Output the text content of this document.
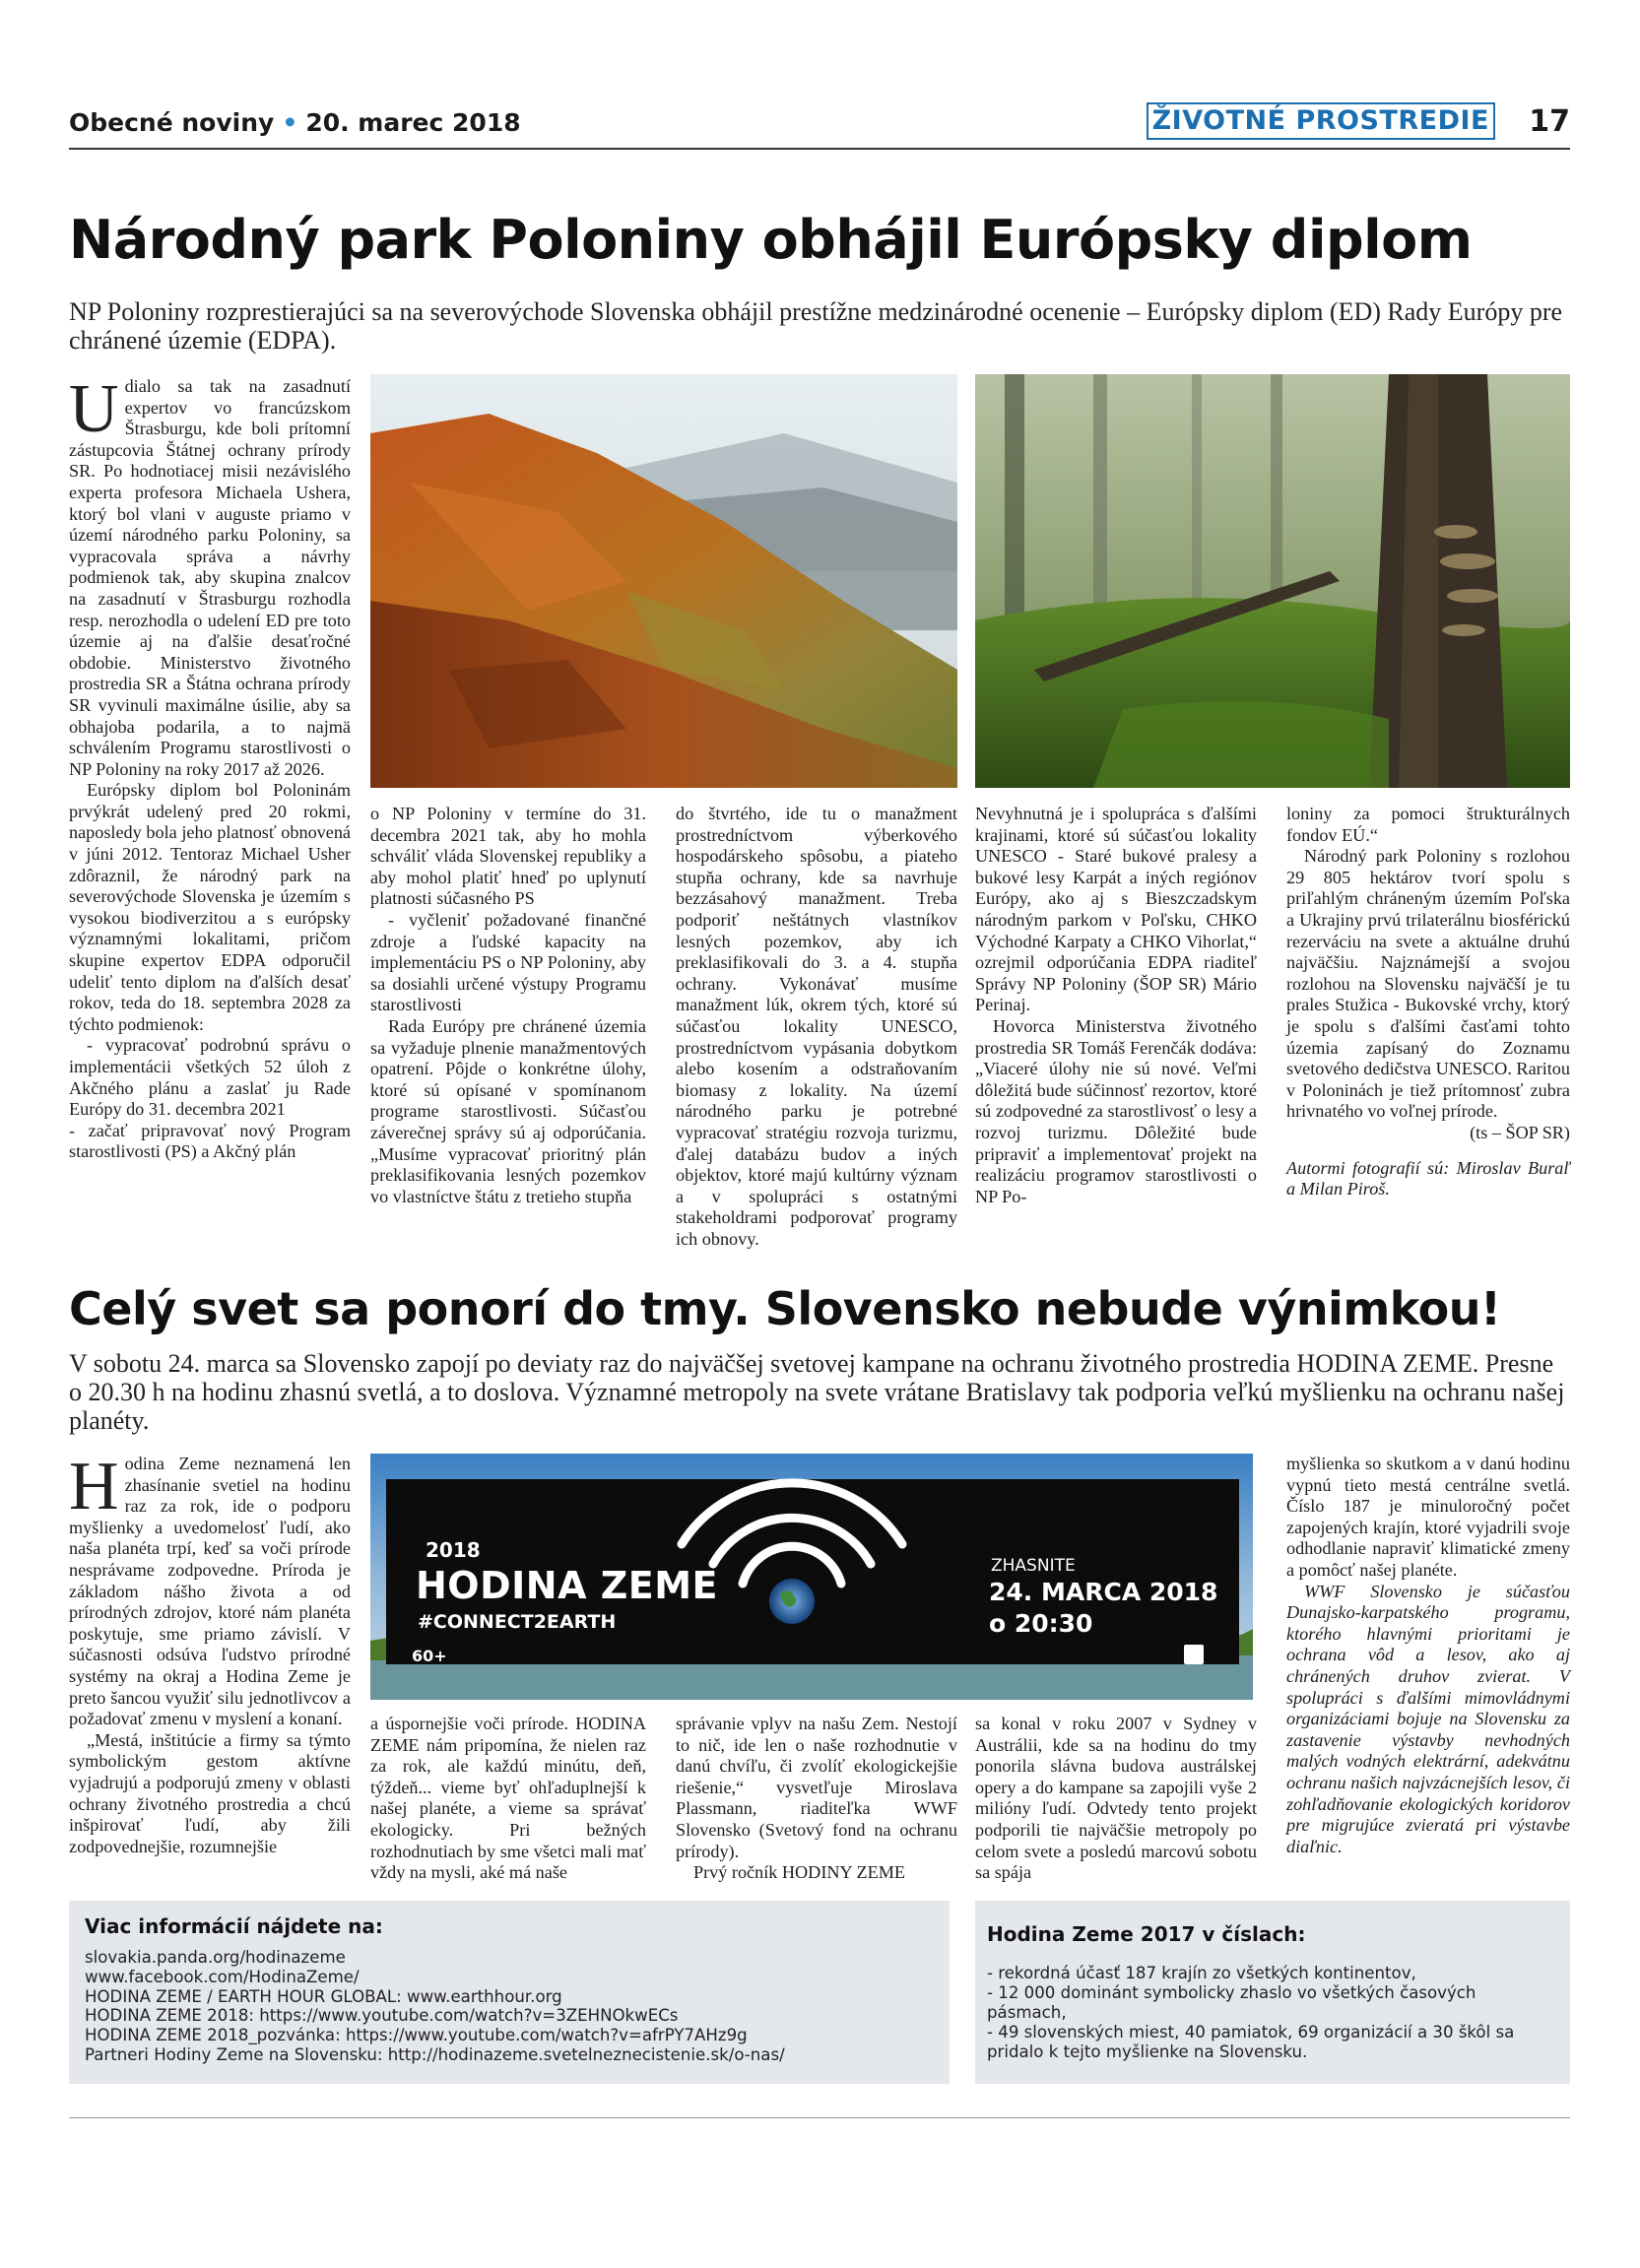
Obecné noviny • 20. marec 2018	ŽIVOTNÉ PROSTREDIE 17
Národný park Poloniny obhájil Európsky diplom
NP Poloniny rozprestierajúci sa na severovýchode Slovenska obhájil prestížne medzinárodné ocenenie – Európsky diplom (ED) Rady Európy pre chránené územie (EDPA).

Udialo sa tak na zasadnutí expertov vo francúzskom Štrasburgu, kde boli prítomní zástupcovia Štátnej ochrany prírody SR. Po hodnotiacej misii nezávislého experta profesora Michaela Ushera, ktorý bol vlani v auguste priamo v území národného parku Poloniny, sa vypracovala správa a návrhy podmienok tak, aby skupina znalcov na zasadnutí v Štrasburgu rozhodla resp. nerozhodla o udelení ED pre toto územie aj na ďalšie desaťročné obdobie. Ministerstvo životného prostredia SR a Štátna ochrana prírody SR vyvinuli maximálne úsilie, aby sa obhajoba podarila, a to najmä schválením Programu starostlivosti o NP Poloniny na roky 2017 až 2026.

Európsky diplom bol Poloninám prvýkrát udelený pred 20 rokmi, naposledy bola jeho platnosť obnovená v júni 2012. Tentoraz Michael Usher zdôraznil, že národný park na severovýchode Slovenska je územím s vysokou biodiverzitou a s európsky významnými lokalitami, pričom skupine expertov EDPA odporučil udeliť tento diplom na ďalších desať rokov, teda do 18. septembra 2028 za týchto podmienok:

- vypracovať podrobnú správu o implementácii všetkých 52 úloh z Akčného plánu a zaslať ju Rade Európy do 31. decembra 2021

- začať pripravovať nový Program starostlivosti (PS) a Akčný plán

o NP Poloniny v termíne do 31. decembra 2021 tak, aby ho mohla schváliť vláda Slovenskej republiky a aby mohol platiť hneď po uplynutí platnosti súčasného PS

- vyčleniť požadované finančné zdroje a ľudské kapacity na implementáciu PS o NP Poloniny, aby sa dosiahli určené výstupy Programu starostlivosti

Rada Európy pre chránené územia sa vyžaduje plnenie manažmentových opatrení. Pôjde o konkrétne úlohy, ktoré sú opísané v spomínanom programe starostlivosti. Súčasťou záverečnej správy sú aj odporúčania. „Musíme vypracovať prioritný plán preklasifikovania lesných pozemkov vo vlastníctve štátu z tretieho stupňa

do štvrtého, ide tu o manažment prostredníctvom výberkového hospodárskeho spôsobu, a piateho stupňa ochrany, kde sa navrhuje bezzásahový manažment. Treba podporiť neštátnych vlastníkov lesných pozemkov, aby ich preklasifikovali do 3. a 4. stupňa ochrany. Vykonávať musíme manažment lúk, okrem tých, ktoré sú súčasťou lokality UNESCO, prostredníctvom vypásania dobytkom alebo kosením a odstraňovaním biomasy z lokality. Na území národného parku je potrebné vypracovať stratégiu rozvoja turizmu, ďalej databázu budov a iných objektov, ktoré majú kultúrny význam a v spolupráci s ostatnými stakeholdrami podporovať programy ich obnovy.

Nevyhnutná je i spolupráca s ďalšími krajinami, ktoré sú súčasťou lokality UNESCO - Staré bukové pralesy a bukové lesy Karpát a iných regiónov Európy, ako aj s Bieszczadskym národným parkom v Poľsku, CHKO Východné Karpaty a CHKO Vihorlat,“ ozrejmil odporúčania EDPA riaditeľ Správy NP Poloniny (ŠOP SR) Mário Perinaj.

Hovorca Ministerstva životného prostredia SR Tomáš Ferenčák dodáva: „Viaceré úlohy nie sú nové. Veľmi dôležitá bude súčinnosť rezortov, ktoré sú zodpovedné za starostlivosť o lesy a rozvoj turizmu. Dôležité bude pripraviť a implementovať projekt na realizáciu programov starostlivosti o NP Po-

loniny za pomoci štrukturálnych fondov EÚ.“

Národný park Poloniny s rozlohou 29 805 hektárov tvorí spolu s priľahlým chráneným územím Poľska a Ukrajiny prvú trilaterálnu biosférickú rezerváciu na svete a aktuálne druhú najväčšiu. Najznámejší a svojou rozlohou na Slovensku najväčší je tu prales Stužica - Bukovské vrchy, ktorý je spolu s ďalšími časťami tohto územia zapísaný do Zoznamu svetového dedičstva UNESCO. Raritou v Poloninách je tiež prítomnosť zubra hrivnatého vo voľnej prírode.

(ts – ŠOP SR)

Autormi fotografií sú: Miroslav Buraľ a Milan Piroš.

Celý svet sa ponorí do tmy. Slovensko nebude výnimkou!
V sobotu 24. marca sa Slovensko zapojí po deviaty raz do najväčšej svetovej kampane na ochranu životného prostredia HODINA ZEME. Presne o 20.30 h na hodinu zhasnú svetlá, a to doslova. Významné metropoly na svete vrátane Bratislavy tak podporia veľkú myšlienku na ochranu našej planéty.

Hodina Zeme neznamená len zhasínanie svetiel na hodinu raz za rok, ide o podporu myšlienky a uvedomelosť ľudí, ako naša planéta trpí, keď sa voči prírode nesprávame zodpovedne. Príroda je základom nášho života a od prírodných zdrojov, ktoré nám planéta poskytuje, sme priamo závislí. V súčasnosti odsúva ľudstvo prírodné systémy na okraj a Hodina Zeme je preto šancou využiť silu jednotlivcov a požadovať zmenu v myslení a konaní.

„Mestá, inštitúcie a firmy sa týmto symbolickým gestom aktívne vyjadrujú a podporujú zmeny v oblasti ochrany životného prostredia a chcú inšpirovať ľudí, aby žili zodpovednejšie, rozumnejšie

2018
HODINA ZEME
#CONNECT2EARTH
60+
ZHASNITE
24. MARCA 2018
o 20:30

a úspornejšie voči prírode. HODINA ZEME nám pripomína, že nielen raz za rok, ale každú minútu, deň, týždeň... vieme byť ohľaduplnejší k našej planéte, a vieme sa správať ekologicky. Pri bežných rozhodnutiach by sme všetci mali mať vždy na mysli, aké má naše

správanie vplyv na našu Zem. Nestojí to nič, ide len o naše rozhodnutie v danú chvíľu, či zvolíť ekologickejšie riešenie,“ vysvetľuje Miroslava Plassmann, riaditeľka WWF Slovensko (Svetový fond na ochranu prírody).

Prvý ročník HODINY ZEME

sa konal v roku 2007 v Sydney v Austrálii, kde sa na hodinu do tmy ponorila slávna budova austrálskej opery a do kampane sa zapojili vyše 2 milióny ľudí. Odvtedy tento projekt podporili tie najväčšie metropoly po celom svete a posledú marcovú sobotu sa spája

myšlienka so skutkom a v danú hodinu vypnú tieto mestá centrálne svetlá. Číslo 187 je minuloročný počet zapojených krajín, ktoré vyjadrili svoje odhodlanie napraviť klimatické zmeny a pomôcť našej planéte.

WWF Slovensko je súčasťou Dunajsko-karpatského programu, ktorého hlavnými prioritami je ochrana vôd a lesov, ako aj chránených druhov zvierat. V spolupráci s ďalšími mimovládnymi organizáciami bojuje na Slovensku za zastavenie výstavby nevhodných malých vodných elektrární, adekvátnu ochranu našich najvzácnejších lesov, či zohľadňovanie ekologických koridorov pre migrujúce zvieratá pri výstavbe diaľnic.

Viac informácií nájdete na:
slovakia.panda.org/hodinazeme
www.facebook.com/HodinaZeme/
HODINA ZEME / EARTH HOUR GLOBAL: www.earthhour.org
HODINA ZEME 2018: https://www.youtube.com/watch?v=3ZEHNOkwECs
HODINA ZEME 2018_pozvánka: https://www.youtube.com/watch?v=afrPY7AHz9g
Partneri Hodiny Zeme na Slovensku: http://hodinazeme.svetelneznecistenie.sk/o-nas/
Hodina Zeme 2017 v číslach:
- rekordná účasť 187 krajín zo všetkých kontinentov,
- 12 000 dominánt symbolicky zhaslo vo všetkých časových pásmach,
- 49 slovenských miest, 40 pamiatok, 69 organizácií a 30 škôl sa pridalo k tejto myšlienke na Slovensku.
